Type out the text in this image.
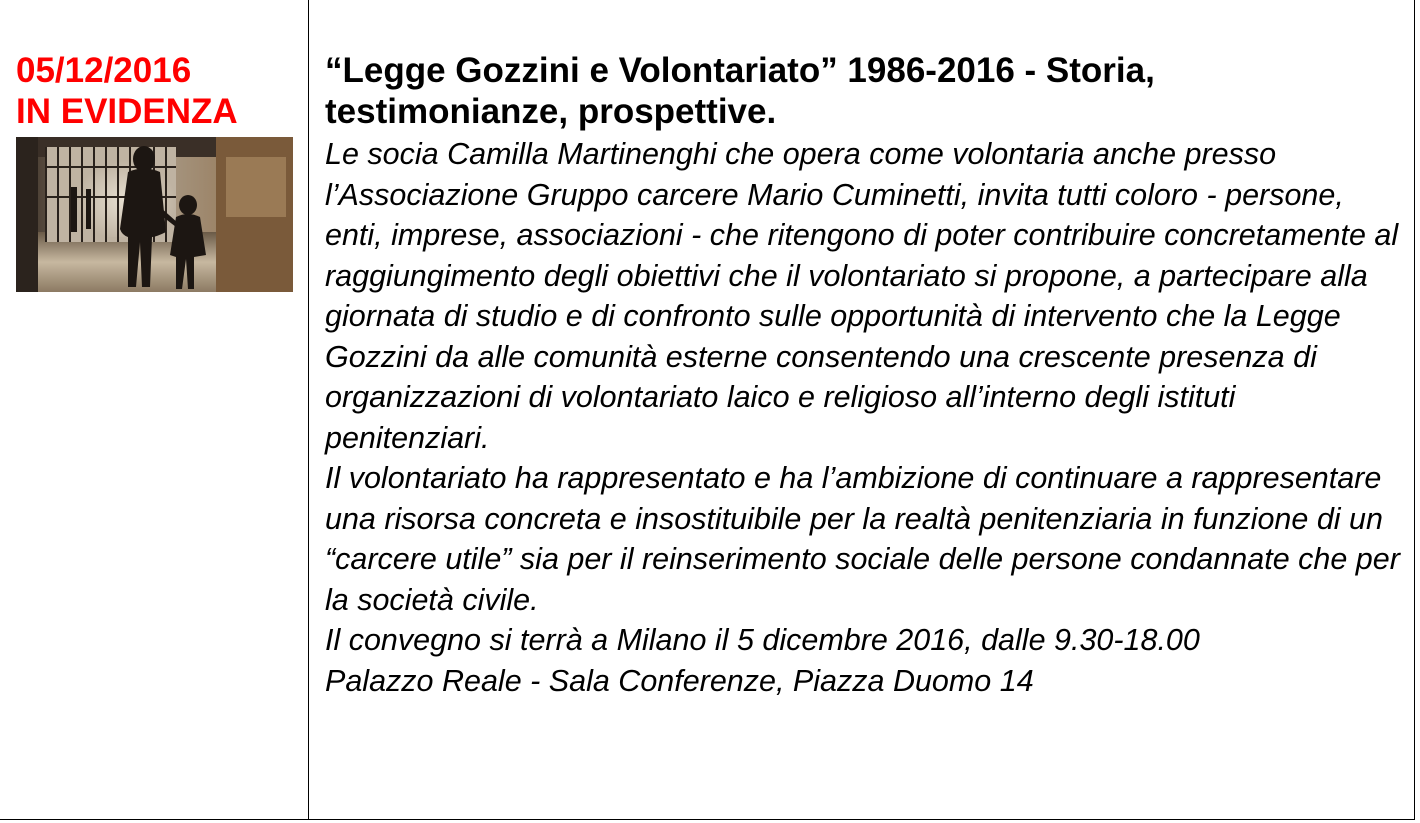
05/12/2016
IN EVIDENZA
“Legge Gozzini e Volontariato” 1986-2016 - Storia, testimonianze, prospettive.

Le socia Camilla Martinenghi che opera come volontaria anche presso l’Associazione Gruppo carcere Mario Cuminetti, invita tutti coloro - persone, enti, imprese, associazioni - che ritengono di poter contribuire concretamente al raggiungimento degli obiettivi che il volontariato si propone, a partecipare alla giornata di studio e di confronto sulle opportunità di intervento che la Legge Gozzini da alle comunità esterne consentendo una crescente presenza di organizzazioni di volontariato laico e religioso all’interno degli istituti penitenziari.

Il volontariato ha rappresentato e ha l’ambizione di continuare a rappresentare una risorsa concreta e insostituibile per la realtà penitenziaria in funzione di un “carcere utile” sia per il reinserimento sociale delle persone condannate che per la società civile.

Il convegno si terrà a Milano il 5 dicembre 2016, dalle 9.30-18.00

Palazzo Reale - Sala Conferenze, Piazza Duomo 14
